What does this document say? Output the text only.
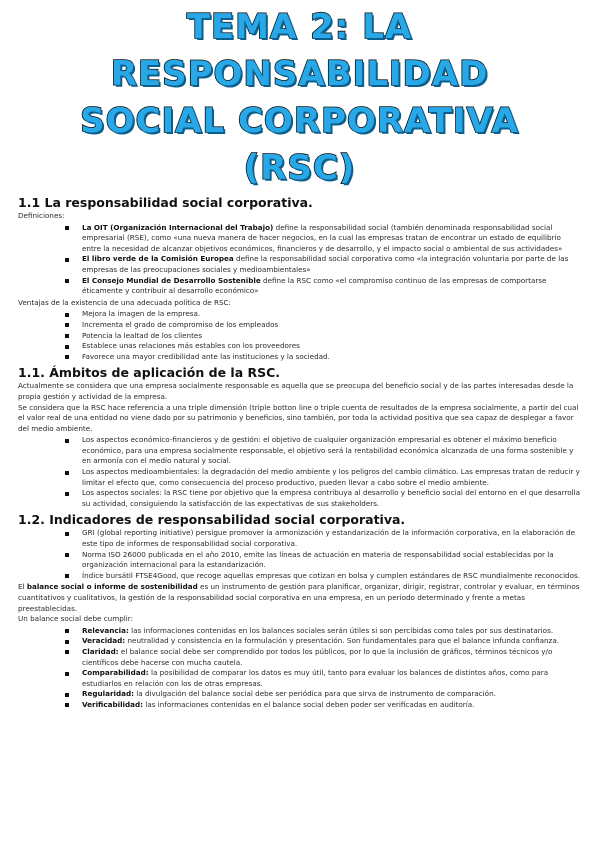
TEMA 2: LA RESPONSABILIDAD
SOCIAL CORPORATIVA (RSC)
1.1 La responsabilidad social corporativa.

Definiciones:

La OIT (Organización Internacional del Trabajo) define la responsabilidad social (también denominada responsabilidad social empresarial (RSE), como «una nueva manera de hacer negocios, en la cual las empresas tratan de encontrar un estado de equilibrio entre la necesidad de alcanzar objetivos económicos, financieros y de desarrollo, y el impacto social o ambiental de sus actividades»
El libro verde de la Comisión Europea define la responsabilidad social corporativa como «la integración voluntaria por parte de las empresas de las preocupaciones sociales y medioambientales»
El Consejo Mundial de Desarrollo Sostenible define la RSC como «el compromiso continuo de las empresas de comportarse éticamente y contribuir al desarrollo económico»

Ventajas de la existencia de una adecuada política de RSC:

Mejora la imagen de la empresa.
Incrementa el grado de compromiso de los empleados
Potencia la lealtad de los clientes
Establece unas relaciones más estables con los proveedores
Favorece una mayor credibilidad ante las instituciones y la sociedad.
1.1. Ámbitos de aplicación de la RSC.

Actualmente se considera que una empresa socialmente responsable es aquella que se preocupa del beneficio social y de las partes interesadas desde la propia gestión y actividad de la empresa.

Se considera que la RSC hace referencia a una triple dimensión (triple botton line o triple cuenta de resultados de la empresa socialmente, a partir del cual el valor real de una entidad no viene dado por su patrimonio y beneficios, sino también, por toda la actividad positiva que sea capaz de desplegar a favor del medio ambiente.

Los aspectos económico-financieros y de gestión: el objetivo de cualquier organización empresarial es obtener el máximo beneficio económico, para una empresa socialmente responsable, el objetivo será la rentabilidad económica alcanzada de una forma sostenible y en armonía con el medio natural y social.
Los aspectos medioambientales: la degradación del medio ambiente y los peligros del cambio climático. Las empresas tratan de reducir y limitar el efecto que, como consecuencia del proceso productivo, pueden llevar a cabo sobre el medio ambiente.
Los aspectos sociales: la RSC tiene por objetivo que la empresa contribuya al desarrollo y beneficio social del entorno en el que desarrolla su actividad, consiguiendo la satisfacción de las expectativas de sus stakeholders.
1.2. Indicadores de responsabilidad social corporativa.
GRI (global reporting initiative) persigue promover la armonización y estandarización de la información corporativa, en la elaboración de este tipo de informes de responsabilidad social corporativa.
Norma ISO 26000 publicada en el año 2010, emite las líneas de actuación en materia de responsabilidad social establecidas por la organización internacional para la estandarización.
Índice bursátil FTSE4Good, que recoge aquellas empresas que cotizan en bolsa y cumplen estándares de RSC mundialmente reconocidos.

El balance social o informe de sostenibilidad es un instrumento de gestión para planificar, organizar, dirigir, registrar, controlar y evaluar, en términos cuantitativos y cualitativos, la gestión de la responsabilidad social corporativa en una empresa, en un periodo determinado y frente a metas preestablecidas.

Un balance social debe cumplir:

Relevancia: las informaciones contenidas en los balances sociales serán útiles si son percibidas como tales por sus destinatarios.
Veracidad: neutralidad y consistencia en la formulación y presentación. Son fundamentales para que el balance infunda confianza.
Claridad: el balance social debe ser comprendido por todos los públicos, por lo que la inclusión de gráficos, términos técnicos y/o científicos debe hacerse con mucha cautela.
Comparabilidad: la posibilidad de comparar los datos es muy útil, tanto para evaluar los balances de distintos años, como para estudiarlos en relación con los de otras empresas.
Regularidad: la divulgación del balance social debe ser periódica para que sirva de instrumento de comparación.
Verificabilidad: las informaciones contenidas en el balance social deben poder ser verificadas en auditoría.
